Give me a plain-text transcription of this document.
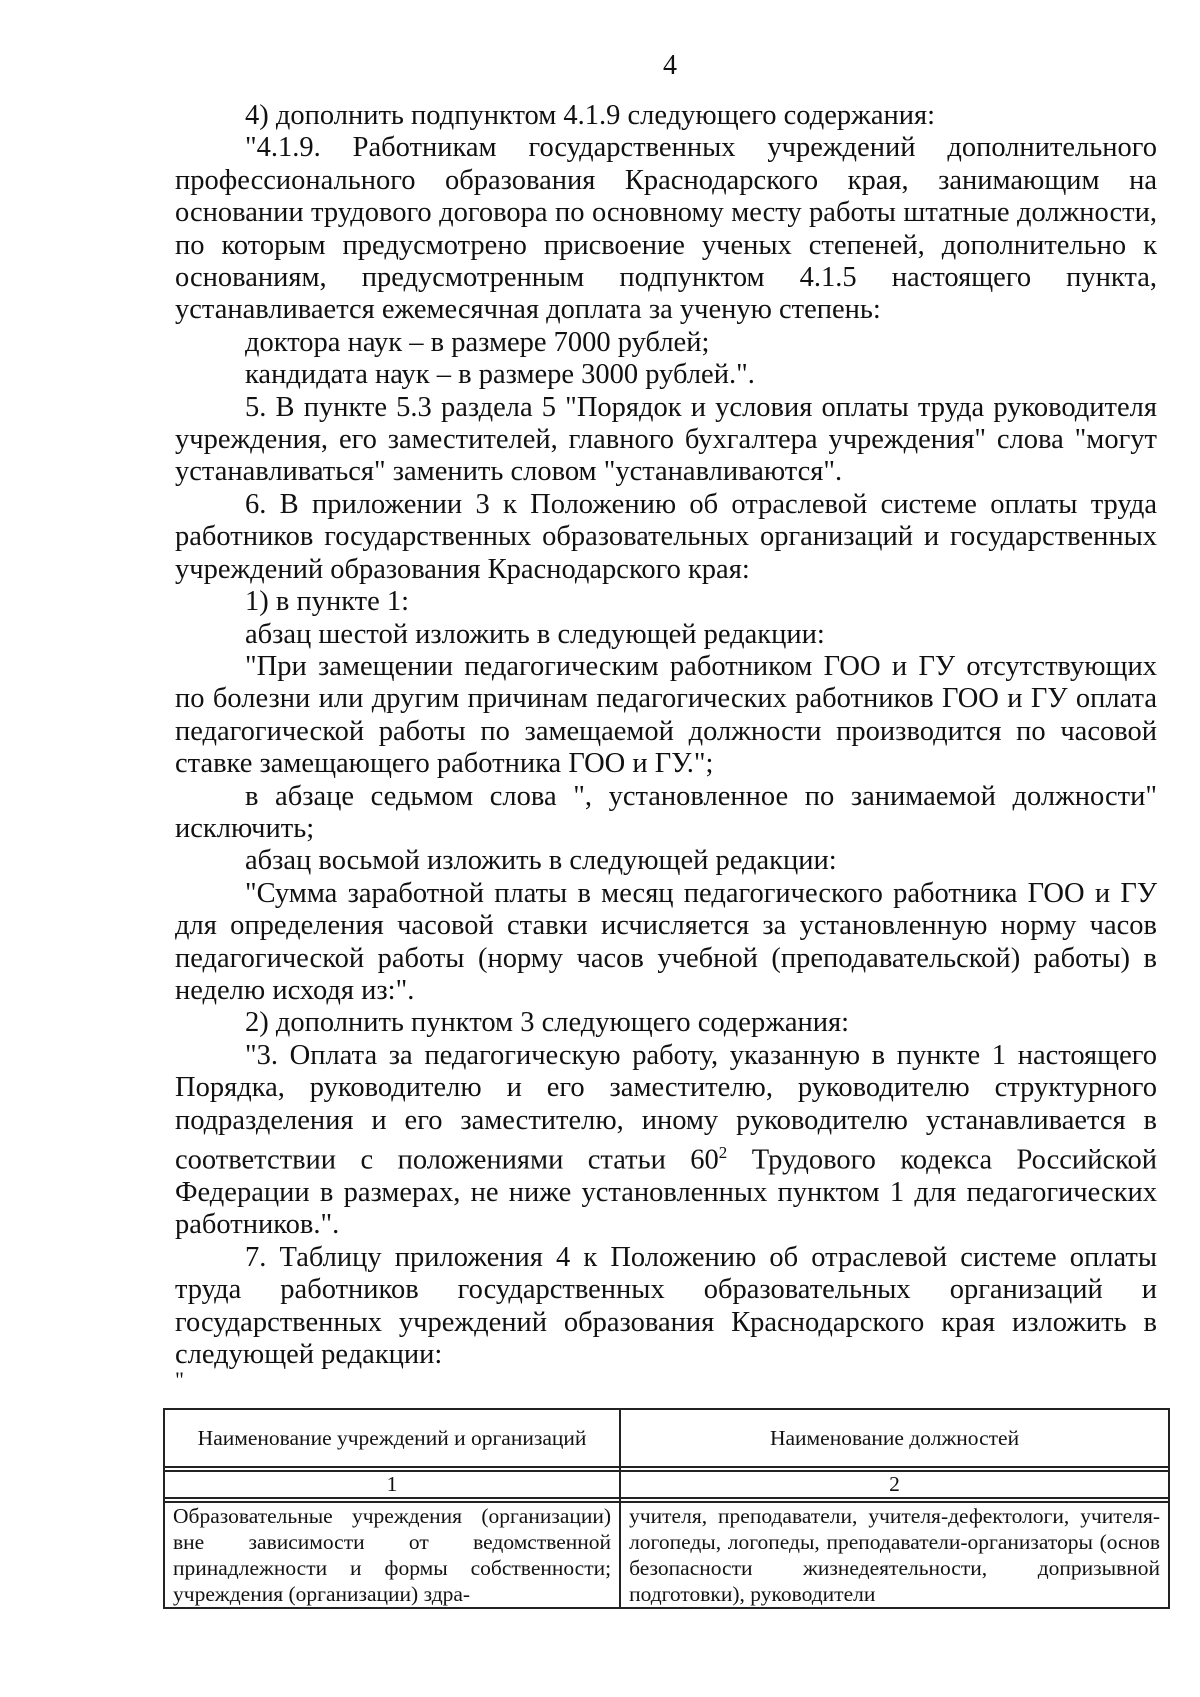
4

4) дополнить подпунктом 4.1.9 следующего содержания:

"4.1.9. Работникам государственных учреждений дополнительного профессионального образования Краснодарского края, занимающим на основании трудового договора по основному месту работы штатные должности, по которым предусмотрено присвоение ученых степеней, дополнительно к основаниям, предусмотренным подпунктом 4.1.5 настоящего пункта, устанавливается ежемесячная доплата за ученую степень:

доктора наук – в размере 7000 рублей;

кандидата наук – в размере 3000 рублей.".

5. В пункте 5.3 раздела 5 "Порядок и условия оплаты труда руководителя учреждения, его заместителей, главного бухгалтера учреждения" слова "могут устанавливаться" заменить словом "устанавливаются".

6. В приложении 3 к Положению об отраслевой системе оплаты труда работников государственных образовательных организаций и государственных учреждений образования Краснодарского края:

1) в пункте 1:

абзац шестой изложить в следующей редакции:

"При замещении педагогическим работником ГОО и ГУ отсутствующих по болезни или другим причинам педагогических работников ГОО и ГУ оплата педагогической работы по замещаемой должности производится по часовой ставке замещающего работника ГОО и ГУ.";

в абзаце седьмом слова ", установленное по занимаемой должности" исключить;

абзац восьмой изложить в следующей редакции:

"Сумма заработной платы в месяц педагогического работника ГОО и ГУ для определения часовой ставки исчисляется за установленную норму часов педагогической работы (норму часов учебной (преподавательской) работы) в неделю исходя из:".

2) дополнить пунктом 3 следующего содержания:

"3. Оплата за педагогическую работу, указанную в пункте 1 настоящего Порядка, руководителю и его заместителю, руководителю структурного подразделения и его заместителю, иному руководителю устанавливается в соответствии с положениями статьи $60^2$ Трудового кодекса Российской Федерации в размерах, не ниже установленных пунктом 1 для педагогических работников.".

7. Таблицу приложения 4 к Положению об отраслевой системе оплаты труда работников государственных образовательных организаций и государственных учреждений образования Краснодарского края изложить в следующей редакции:

"

Наименование учреждений и организаций	Наименование должностей

1	2

Образовательные учреждения (организации) вне зависимости от ведомственной принадлежности и формы собственности; учреждения (организации) здра-	учителя, преподаватели, учителя-дефектологи, учителя-логопеды, логопеды, преподаватели-организаторы (основ безопасности жизнедеятельности, допризывной подготовки), руководители
